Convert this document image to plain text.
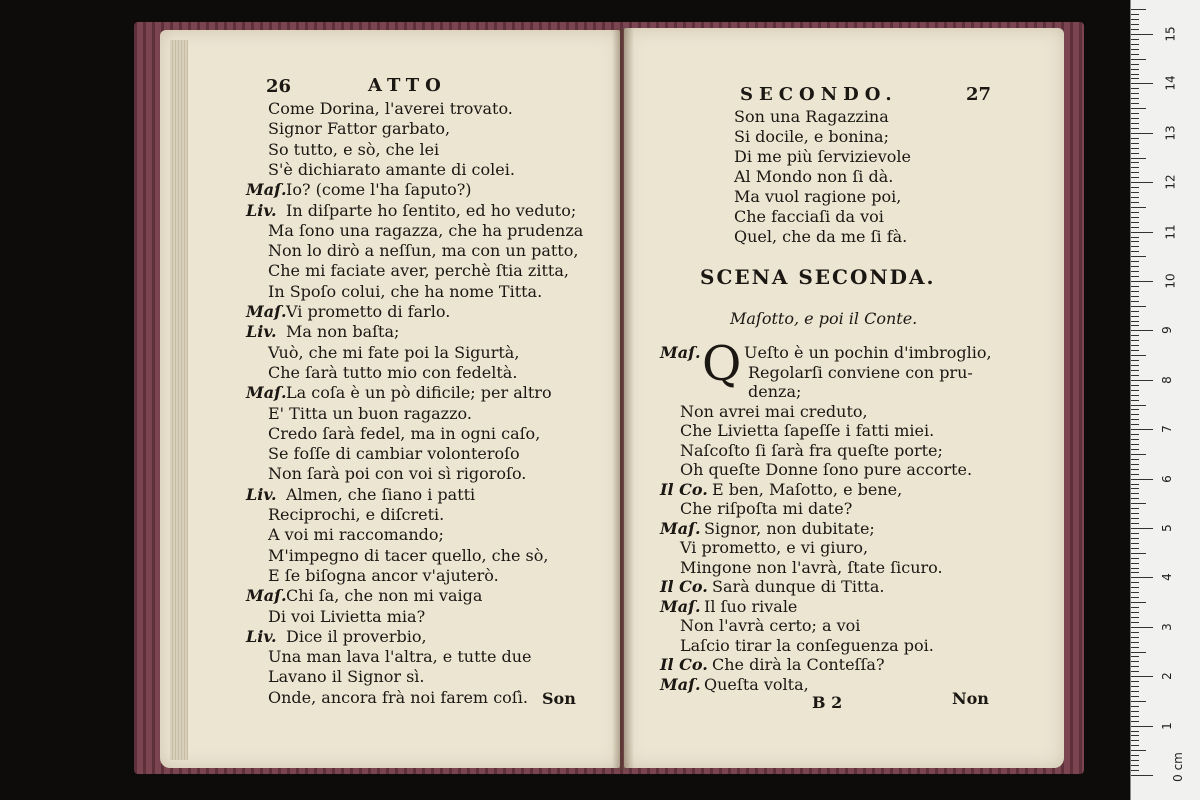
26	ATTO
Come Dorina, l'averei trovato.
Signor Fattor garbato,
So tutto, e sò, che lei
S'è dichiarato amante di colei.
Maſ. Io? (come l'ha ſaputo?)
Liv. In diſparte ho ſentito, ed ho veduto;
Ma ſono una ragazza, che ha prudenza
Non lo dirò a neſſun, ma con un patto,
Che mi faciate aver, perchè ſtia zitta,
In Spoſo colui, che ha nome Titta.
Maſ. Vi prometto di farlo.
Liv. Ma non baſta;
Vuò, che mi fate poi la Sigurtà,
Che ſarà tutto mio con fedeltà.
Maſ. La coſa è un pò dificile; per altro
E' Titta un buon ragazzo.
Credo ſarà fedel, ma in ogni caſo,
Se foſſe di cambiar volonteroſo
Non ſarà poi con voi sì rigoroſo.
Liv. Almen, che ſiano i patti
Reciprochi, e diſcreti.
A voi mi raccomando;
M'impegno di tacer quello, che sò,
E ſe biſogna ancor v'ajuterò.
Maſ. Chi ſa, che non mi vaiga
Di voi Livietta mia?
Liv. Dice il proverbio,
Una man lava l'altra, e tutte due
Lavano il Signor sì.
Onde, ancora frà noi farem coſì. Son
SECONDO.	27
Son una Ragazzina
Si docile, e bonina;
Di me più ſervizievole
Al Mondo non ſi dà.
Ma vuol ragione poi,
Che facciaſi da voi
Quel, che da me ſi fà.
SCENA SECONDA.
Maſotto, e poi il Conte.
Q
Maſ.	Ueſto è un pochin d'imbroglio,
Regolarſi conviene con pru-
denza;
Non avrei mai creduto,
Che Livietta ſapeſſe i fatti miei.
Naſcoſto ſi ſarà fra queſte porte;
Oh queſte Donne ſono pure accorte.
Il Co. E ben, Maſotto, e bene,
Che riſpoſta mi date?
Maſ. Signor, non dubitate;
Vi prometto, e vi giuro,
Mingone non l'avrà, ſtate ſicuro.
Il Co. Sarà dunque di Titta.
Maſ. Il ſuo rivale
Non l'avrà certo; a voi
Laſcio tirar la conſeguenza poi.
Il Co. Che dirà la Conteſſa?
Maſ. Queſta volta,
B 2	Non
1
2
3
4
5
6
7
8
9
10
11
12
13
14
15
0 cm
